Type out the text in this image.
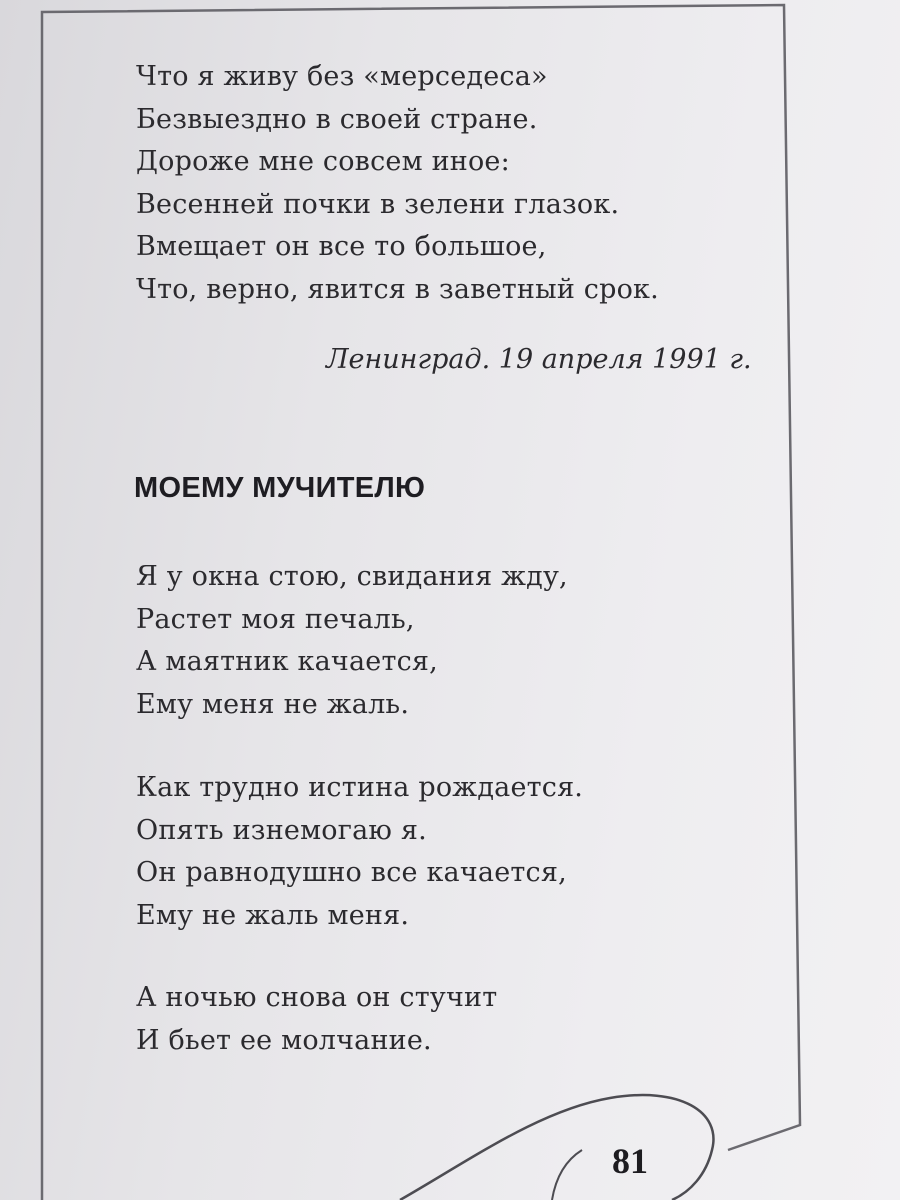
Что я живу без «мерседеса»
Безвыездно в своей стране.
Дороже мне совсем иное:
Весенней почки в зелени глазок.
Вмещает он все то большое,
Что, верно, явится в заветный срок.
Ленинград. 19 апреля 1991 г.
МОЕМУ МУЧИТЕЛЮ
Я у окна стою, свидания жду,
Растет моя печаль,
А маятник качается,
Ему меня не жаль.
Как трудно истина рождается.
Опять изнемогаю я.
Он равнодушно все качается,
Ему не жаль меня.
А ночью снова он стучит
И бьет ее молчание.
81
